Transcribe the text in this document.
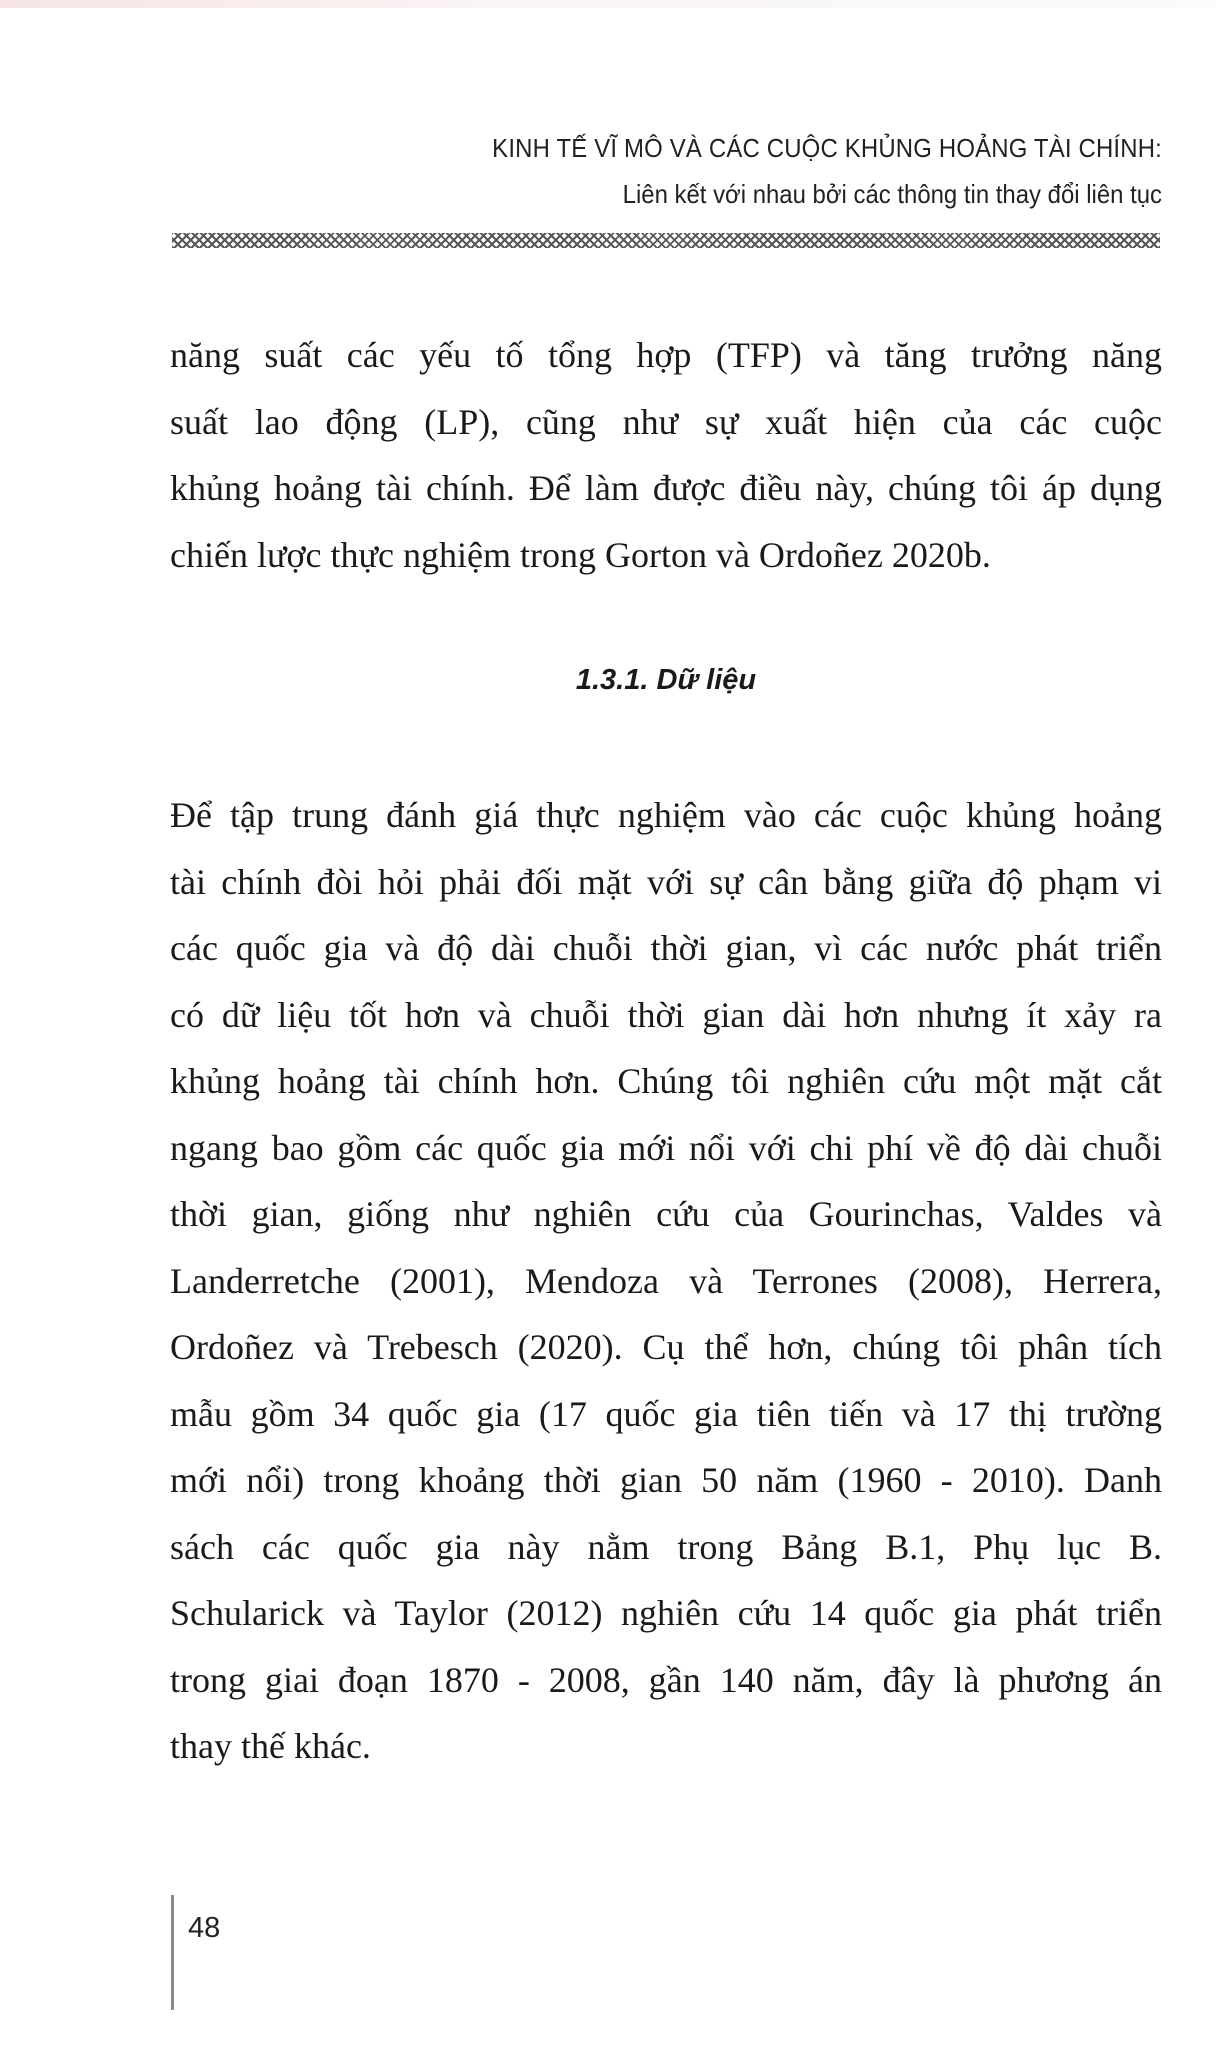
KINH TẾ VĨ MÔ VÀ CÁC CUỘC KHỦNG HOẢNG TÀI CHÍNH:
Liên kết với nhau bởi các thông tin thay đổi liên tục
năng suất các yếu tố tổng hợp (TFP) và tăng trưởng năng
suất lao động (LP), cũng như sự xuất hiện của các cuộc
khủng hoảng tài chính. Để làm được điều này, chúng tôi áp dụng
chiến lược thực nghiệm trong Gorton và Ordoñez 2020b.
1.3.1. Dữ liệu
Để tập trung đánh giá thực nghiệm vào các cuộc khủng hoảng
tài chính đòi hỏi phải đối mặt với sự cân bằng giữa độ phạm vi
các quốc gia và độ dài chuỗi thời gian, vì các nước phát triển
có dữ liệu tốt hơn và chuỗi thời gian dài hơn nhưng ít xảy ra
khủng hoảng tài chính hơn. Chúng tôi nghiên cứu một mặt cắt
ngang bao gồm các quốc gia mới nổi với chi phí về độ dài chuỗi
thời gian, giống như nghiên cứu của Gourinchas, Valdes và
Landerretche (2001), Mendoza và Terrones (2008), Herrera,
Ordoñez và Trebesch (2020). Cụ thể hơn, chúng tôi phân tích
mẫu gồm 34 quốc gia (17 quốc gia tiên tiến và 17 thị trường
mới nổi) trong khoảng thời gian 50 năm (1960 - 2010). Danh
sách các quốc gia này nằm trong Bảng B.1, Phụ lục B.
Schularick và Taylor (2012) nghiên cứu 14 quốc gia phát triển
trong giai đoạn 1870 - 2008, gần 140 năm, đây là phương án
thay thế khác.
48
